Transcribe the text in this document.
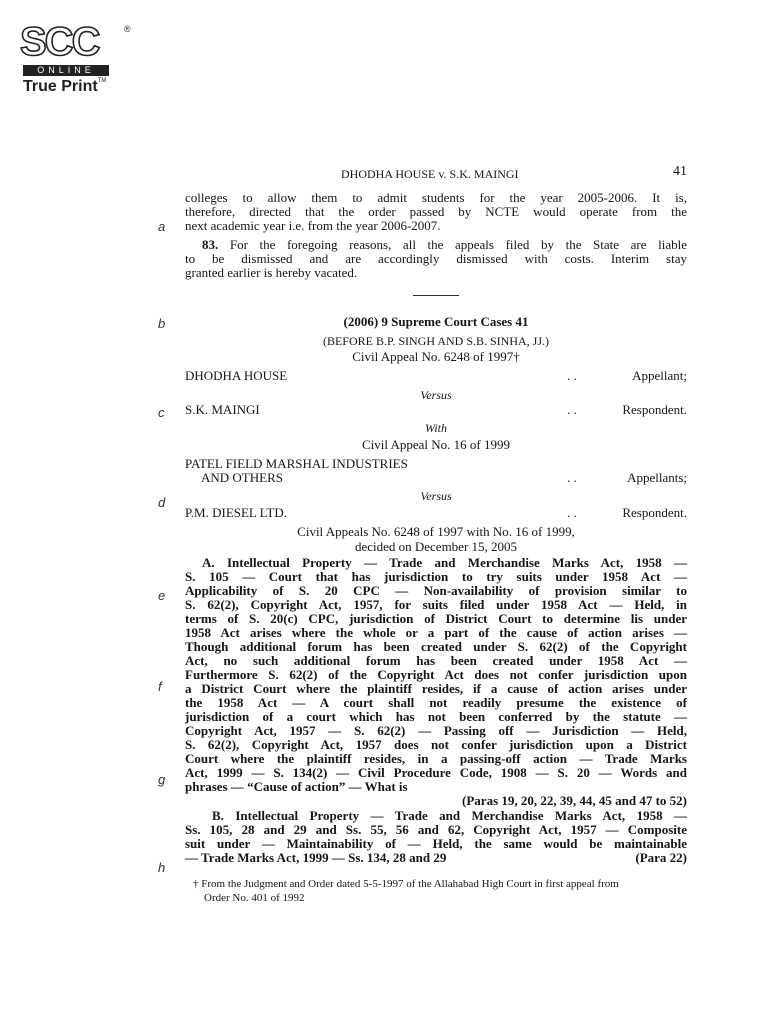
SCC	®
ONLINE
True Print™
a
b
c
d
e
f
g
h
DHODHA HOUSE v. S.K. MAINGI	41
colleges to allow them to admit students for the year 2005-2006. It is,
therefore, directed that the order passed by NCTE would operate from the
next academic year i.e. from the year 2006-2007.
83. For the foregoing reasons, all the appeals filed by the State are liable
to be dismissed and are accordingly dismissed with costs. Interim stay
granted earlier is hereby vacated.
(2006) 9 Supreme Court Cases 41
(BEFORE B.P. SINGH AND S.B. SINHA, JJ.)
Civil Appeal No. 6248 of 1997†
DHODHA HOUSE	. .	Appellant;
Versus
S.K. MAINGI	. .	Respondent.
With
Civil Appeal No. 16 of 1999
PATEL FIELD MARSHAL INDUSTRIES
AND OTHERS	. .	Appellants;
Versus
P.M. DIESEL LTD.	. .	Respondent.
Civil Appeals No. 6248 of 1997 with No. 16 of 1999,
decided on December 15, 2005
A. Intellectual Property — Trade and Merchandise Marks Act, 1958 —
S. 105 — Court that has jurisdiction to try suits under 1958 Act —
Applicability of S. 20 CPC — Non-availability of provision similar to
S. 62(2), Copyright Act, 1957, for suits filed under 1958 Act — Held, in
terms of S. 20(c) CPC, jurisdiction of District Court to determine lis under
1958 Act arises where the whole or a part of the cause of action arises —
Though additional forum has been created under S. 62(2) of the Copyright
Act, no such additional forum has been created under 1958 Act —
Furthermore S. 62(2) of the Copyright Act does not confer jurisdiction upon
a District Court where the plaintiff resides, if a cause of action arises under
the 1958 Act — A court shall not readily presume the existence of
jurisdiction of a court which has not been conferred by the statute —
Copyright Act, 1957 — S. 62(2) — Passing off — Jurisdiction — Held,
S. 62(2), Copyright Act, 1957 does not confer jurisdiction upon a District
Court where the plaintiff resides, in a passing-off action — Trade Marks
Act, 1999 — S. 134(2) — Civil Procedure Code, 1908 — S. 20 — Words and
phrases — “Cause of action” — What is
(Paras 19, 20, 22, 39, 44, 45 and 47 to 52)
B. Intellectual Property — Trade and Merchandise Marks Act, 1958 —
Ss. 105, 28 and 29 and Ss. 55, 56 and 62, Copyright Act, 1957 — Composite
suit under — Maintainability of — Held, the same would be maintainable
— Trade Marks Act, 1999 — Ss. 134, 28 and 29	(Para 22)
† From the Judgment and Order dated 5-5-1997 of the Allahabad High Court in first appeal from
Order No. 401 of 1992
